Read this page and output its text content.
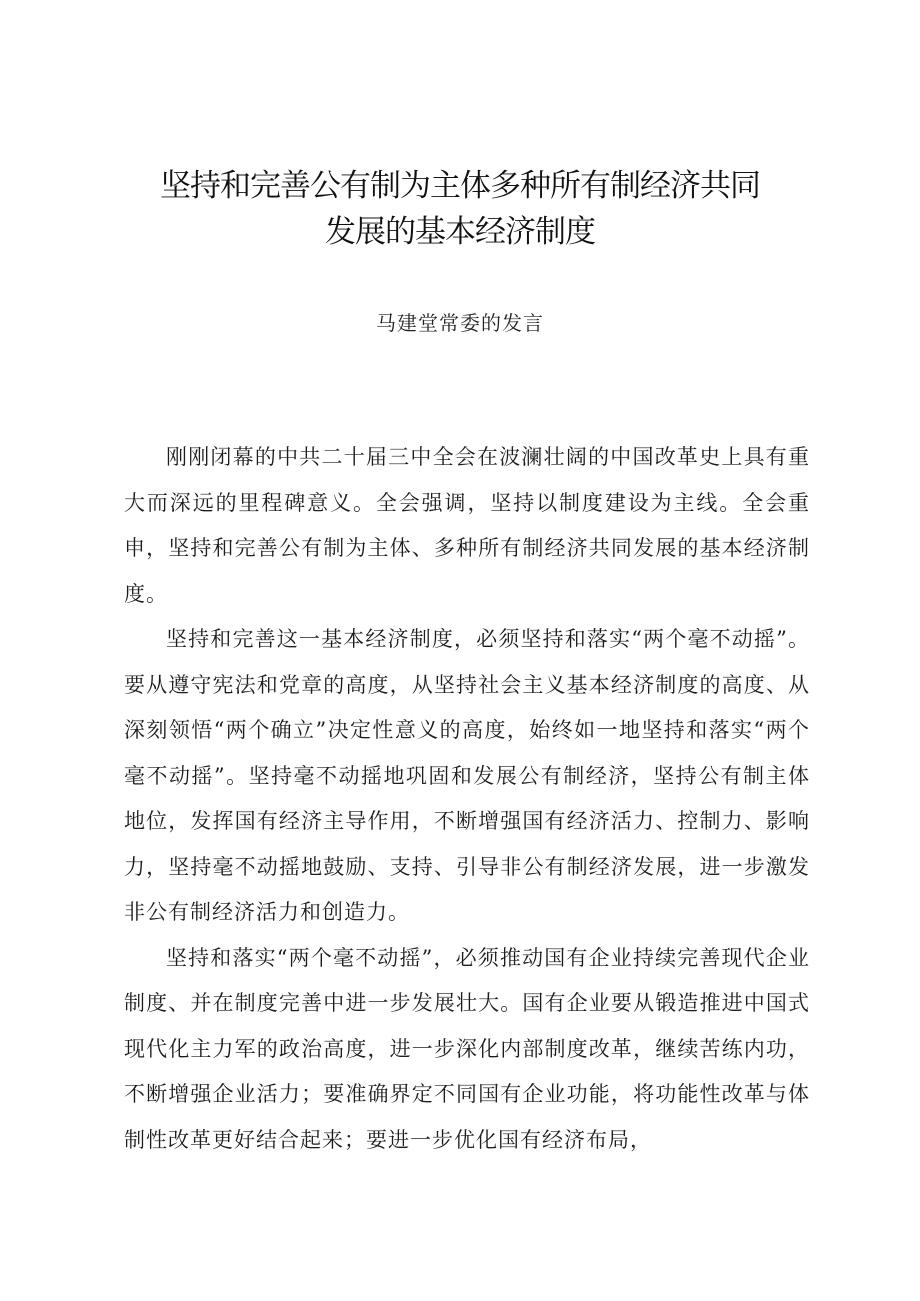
坚持和完善公有制为主体多种所有制经济共同
发展的基本经济制度
马建堂常委的发言

刚刚闭幕的中共二十届三中全会在波澜壮阔的中国改革史上具有重大而深远的里程碑意义。全会强调，坚持以制度建设为主线。全会重申，坚持和完善公有制为主体、多种所有制经济共同发展的基本经济制度。

坚持和完善这一基本经济制度，必须坚持和落实“两个毫不动摇”。要从遵守宪法和党章的高度，从坚持社会主义基本经济制度的高度、从深刻领悟“两个确立”决定性意义的高度，始终如一地坚持和落实“两个毫不动摇”。坚持毫不动摇地巩固和发展公有制经济，坚持公有制主体地位，发挥国有经济主导作用，不断增强国有经济活力、控制力、影响力，坚持毫不动摇地鼓励、支持、引导非公有制经济发展，进一步激发非公有制经济活力和创造力。

坚持和落实“两个毫不动摇”，必须推动国有企业持续完善现代企业制度、并在制度完善中进一步发展壮大。国有企业要从锻造推进中国式现代化主力军的政治高度，进一步深化内部制度改革，继续苦练内功，不断增强企业活力；要准确界定不同国有企业功能，将功能性改革与体制性改革更好结合起来；要进一步优化国有经济布局，
